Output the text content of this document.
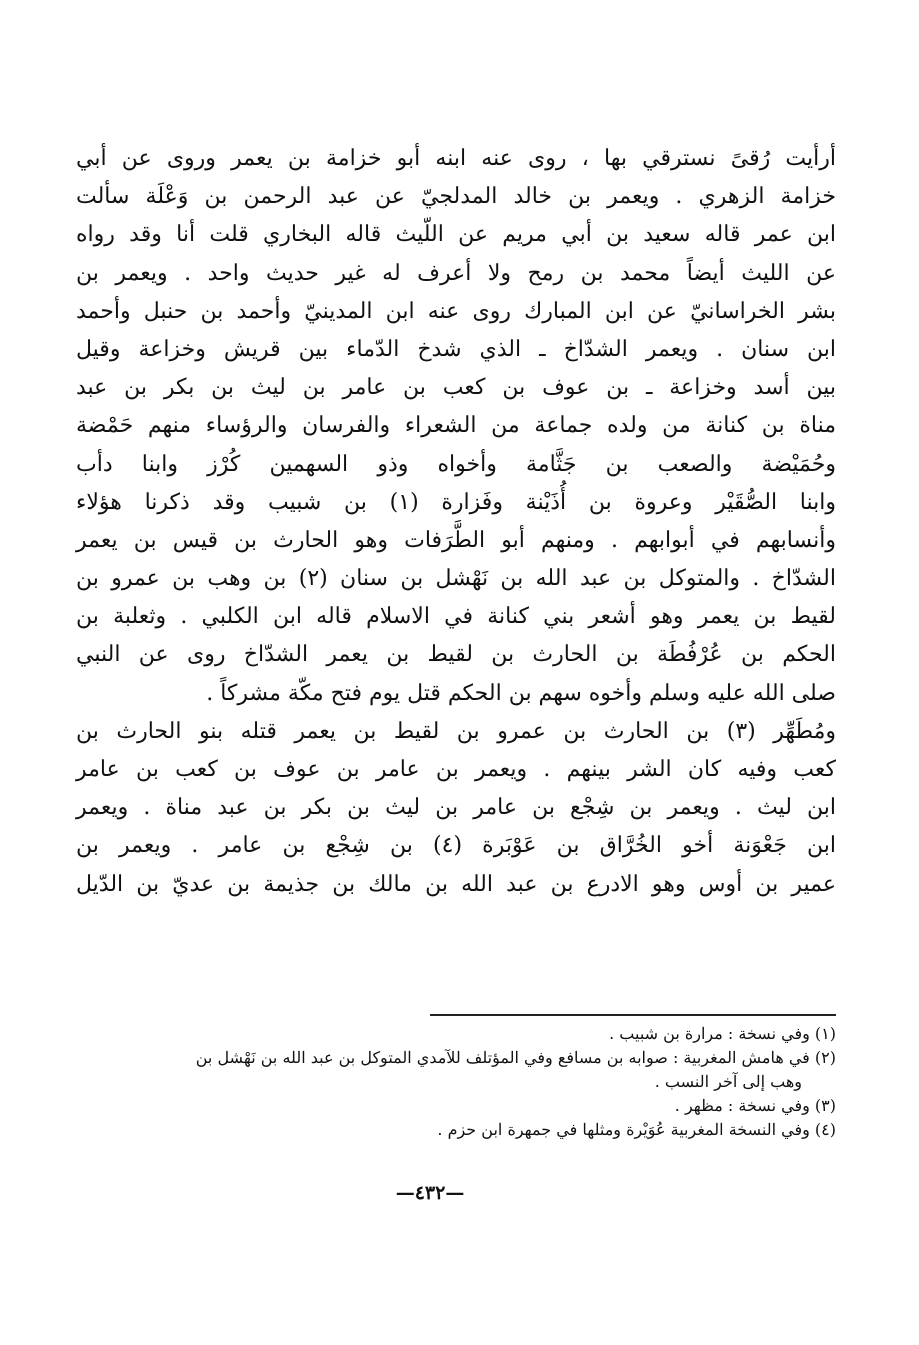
أرأيت رُقىً نسترقي بها ، روى عنه ابنه أبو خزامة بن يعمر وروى عن أبي
خزامة الزهري . ويعمر بن خالد المدلجيّ عن عبد الرحمن بن وَعْلَة سألت
ابن عمر قاله سعيد بن أبي مريم عن اللّيث قاله البخاري قلت أنا وقد رواه
عن الليث أيضاً محمد بن رمح ولا أعرف له غير حديث واحد . ويعمر بن
بشر الخراسانيّ عن ابن المبارك روى عنه ابن المدينيّ وأحمد بن حنبل وأحمد
ابن سنان . ويعمر الشدّاخ ـ الذي شدخ الدّماء بين قريش وخزاعة وقيل
بين أسد وخزاعة ـ بن عوف بن كعب بن عامر بن ليث بن بكر بن عبد
مناة بن كنانة من ولده جماعة من الشعراء والفرسان والرؤساء منهم حَمْضة
وحُمَيْضة والصعب بن جَثَّامة وأخواه وذو السهمين كُرْز وابنا دأب
وابنا الصُّقَيْر وعروة بن أُذَيْنة وفَزارة (١) بن شبيب وقد ذكرنا هؤلاء
وأنسابهم في أبوابهم . ومنهم أبو الطَّرَفات وهو الحارث بن قيس بن يعمر
الشدّاخ . والمتوكل بن عبد الله بن نَهْشل بن سنان (٢) بن وهب بن عمرو بن
لقيط بن يعمر وهو أشعر بني كنانة في الاسلام قاله ابن الكلبي . وثعلبة بن
الحكم بن عُرْفُطَة بن الحارث بن لقيط بن يعمر الشدّاخ روى عن النبي
صلى الله عليه وسلم وأخوه سهم بن الحكم قتل يوم فتح مكّة مشركاً .
ومُطَهِّر (٣) بن الحارث بن عمرو بن لقيط بن يعمر قتله بنو الحارث بن
كعب وفيه كان الشر بينهم . ويعمر بن عامر بن عوف بن كعب بن عامر
ابن ليث . ويعمر بن شِجْع بن عامر بن ليث بن بكر بن عبد مناة . ويعمر
ابن جَعْوَنة أخو الخُرَّاق بن عَوْبَرة (٤) بن شِجْع بن عامر . ويعمر بن
عمير بن أوس وهو الادرع بن عبد الله بن مالك بن جذيمة بن عديّ بن الدّيل
(١) وفي نسخة : مرارة بن شبيب .
(٢) في هامش المغربية : صوابه بن مسافع وفي المؤتلف للآمدي المتوكل بن عبد الله بن نَهْشل بن
وهب إلى آخر النسب .
(٣) وفي نسخة : مظهر .
(٤) وفي النسخة المغربية عُوَيْرة ومثلها في جمهرة ابن حزم .
—٤٣٢—
